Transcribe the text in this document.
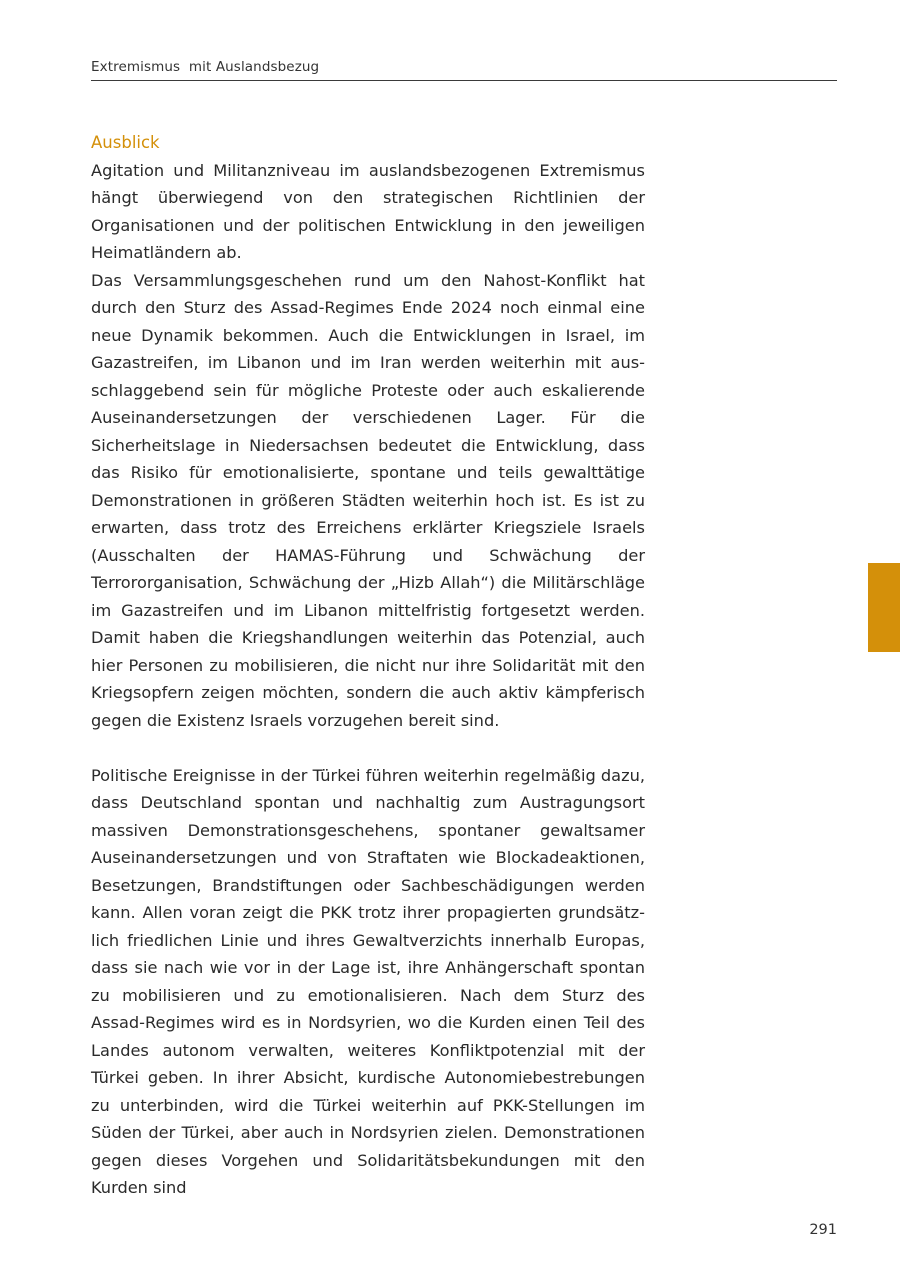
Extremismus  mit Auslandsbezug
Ausblick

Agitation und Militanzniveau im auslandsbezogenen Extremismus hängt überwiegend von den strategischen Richtlinien der Organisationen und der politischen Entwicklung in den jeweiligen Heimatländern ab.

Das Versammlungsgeschehen rund um den Nahost-Konflikt hat durch den Sturz des Assad-Regimes Ende 2024 noch einmal eine neue Dynamik bekommen. Auch die Entwicklungen in Israel, im Gazastreifen, im Libanon und im Iran werden weiterhin mit ausschlaggebend sein für mögliche Proteste oder auch eskalierende Auseinandersetzungen der verschiedenen Lager. Für die Sicherheitslage in Niedersachsen bedeutet die Entwicklung, dass das Risiko für emotionalisierte, spontane und teils gewalttätige Demonstrationen in größeren Städten weiterhin hoch ist. Es ist zu erwarten, dass trotz des Erreichens erklärter Kriegsziele Israels (Ausschalten der HAMAS-Führung und Schwächung der Terrororganisation, Schwächung der „Hizb Allah“) die Militärschläge im Gazastreifen und im Libanon mittelfristig fortgesetzt werden. Damit haben die Kriegshandlungen weiterhin das Potenzial, auch hier Personen zu mobilisieren, die nicht nur ihre Solidarität mit den Kriegsopfern zeigen möchten, sondern die auch aktiv kämpferisch gegen die Existenz Israels vorzugehen bereit sind.

Politische Ereignisse in der Türkei führen weiterhin regelmäßig dazu, dass Deutschland spontan und nachhaltig zum Austragungsort massiven Demonstrationsgeschehens, spontaner gewaltsamer Auseinandersetzungen und von Straftaten wie Blockadeaktionen, Besetzungen, Brandstiftungen oder Sachbeschädigungen werden kann. Allen voran zeigt die PKK trotz ihrer propagierten grundsätzlich friedlichen Linie und ihres Gewaltverzichts innerhalb Europas, dass sie nach wie vor in der Lage ist, ihre Anhängerschaft spontan zu mobilisieren und zu emotionalisieren. Nach dem Sturz des Assad-Regimes wird es in Nordsyrien, wo die Kurden einen Teil des Landes autonom verwalten, weiteres Konfliktpotenzial mit der Türkei geben. In ihrer Absicht, kurdische Autonomiebestrebungen zu unterbinden, wird die Türkei weiterhin auf PKK-Stellungen im Süden der Türkei, aber auch in Nordsyrien zielen. Demonstrationen gegen dieses Vorgehen und Solidaritätsbekundungen mit den Kurden sind

291
